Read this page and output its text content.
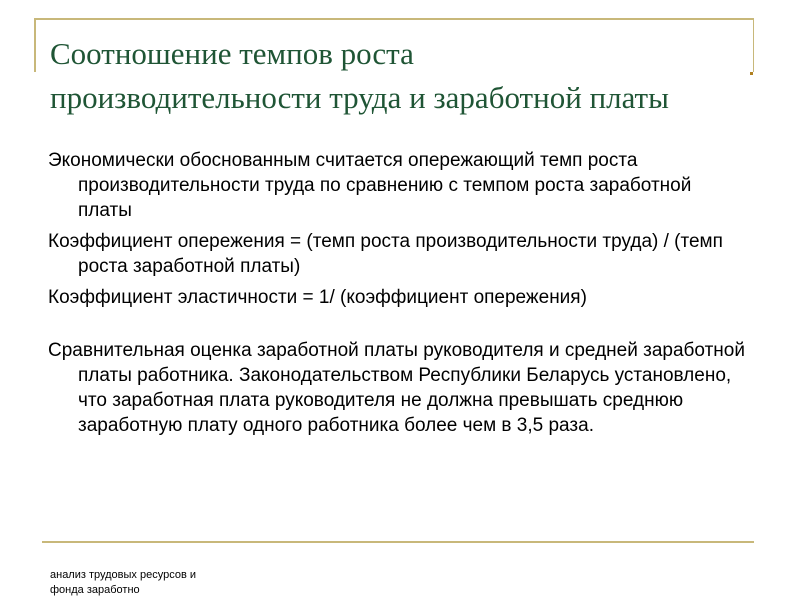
Соотношение темпов роста производительности труда и заработной платы

Экономически обоснованным считается опережающий темп роста производительности труда по сравнению с темпом роста заработной платы

Коэффициент опережения = (темп роста производительности труда) / (темп роста заработной платы)

Коэффициент эластичности = 1/ (коэффициент опережения)

Сравнительная оценка заработной платы руководителя и средней заработной платы работника. Законодательством Республики Беларусь установлено, что заработная плата руководителя не должна превышать среднюю заработную плату одного работника более чем в 3,5 раза.

анализ трудовых ресурсов и фонда заработно
